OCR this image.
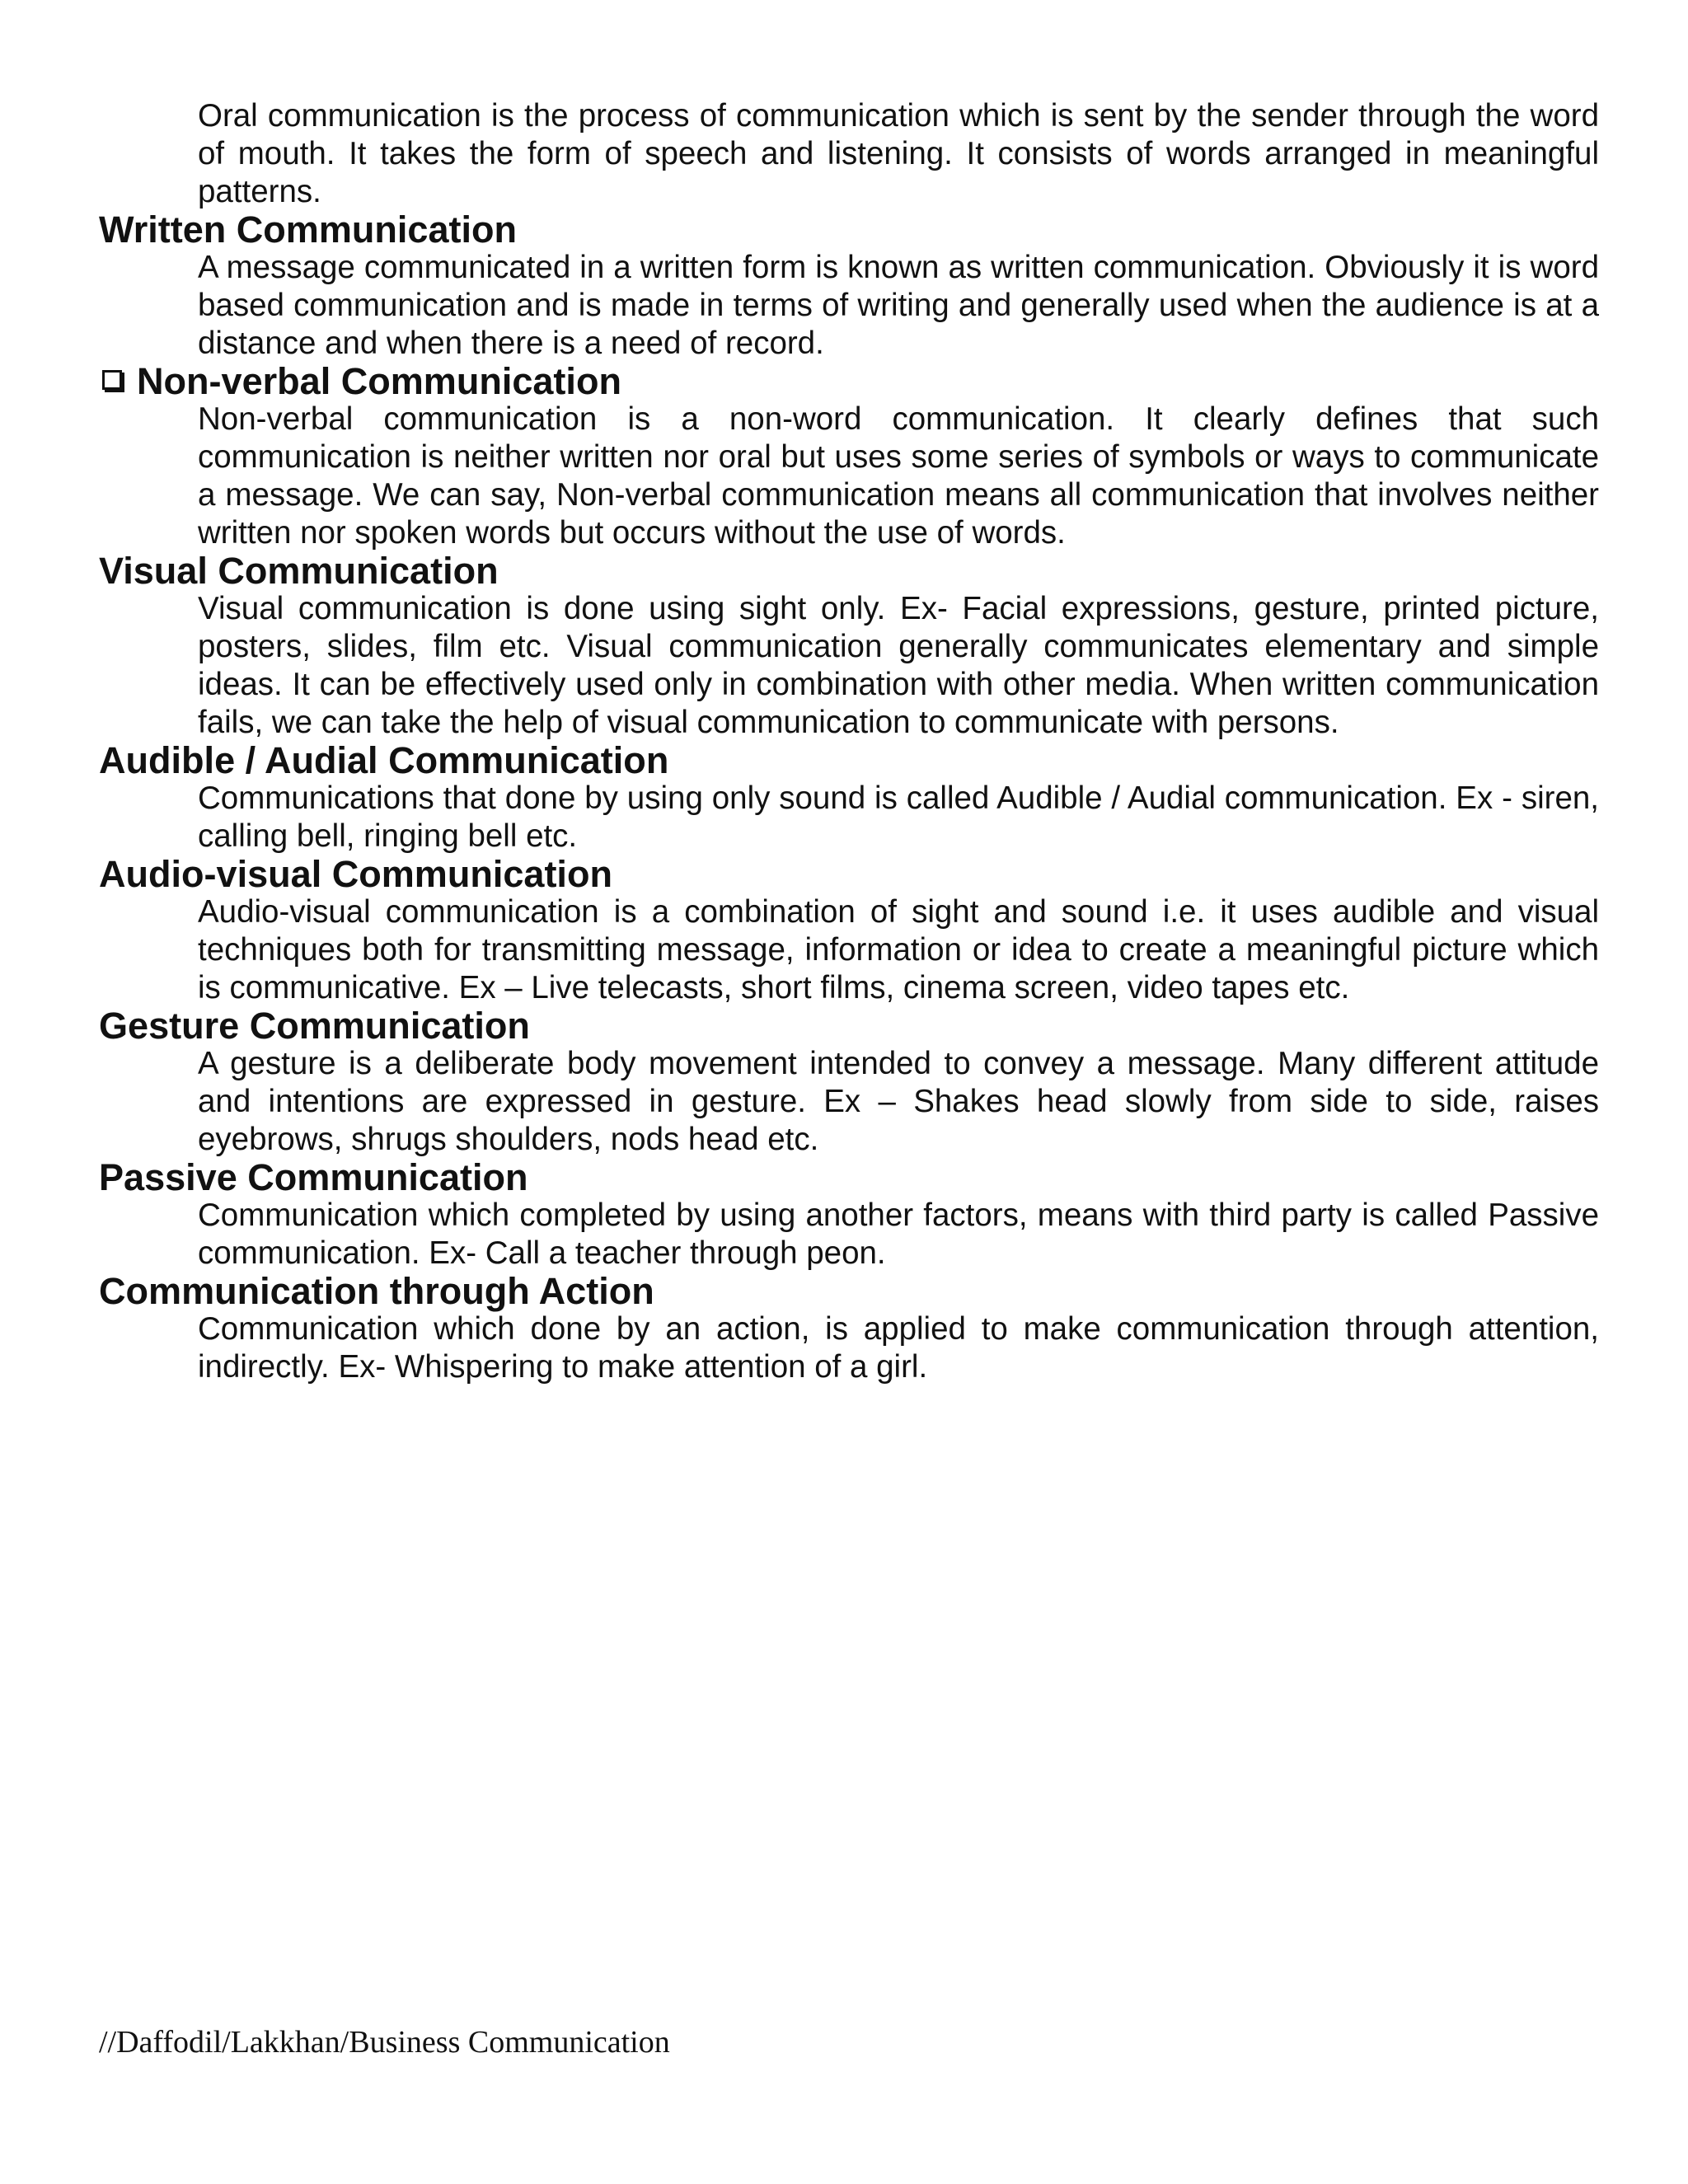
Oral communication is the process of communication which is sent by the sender through the word of mouth. It takes the form of speech and listening. It consists of words arranged in meaningful patterns.

Written Communication

A message communicated in a written form is known as written communication. Obviously it is word based communication and is made in terms of writing and generally used when the audience is at a distance and when there is a need of record.

Non-verbal Communication

Non-verbal communication is a non-word communication. It clearly defines that such communication is neither written nor oral but uses some series of symbols or ways to communicate a message. We can say, Non-verbal communication means all communication that involves neither written nor spoken words but occurs without the use of words.

Visual Communication

Visual communication is done using sight only. Ex- Facial expressions, gesture, printed picture, posters, slides, film etc. Visual communication generally communicates elementary and simple ideas. It can be effectively used only in combination with other media. When written communication fails, we can take the help of visual communication to communicate with persons.

Audible / Audial Communication

Communications that done by using only sound is called Audible / Audial communication. Ex - siren, calling bell, ringing bell etc.

Audio-visual Communication

Audio-visual communication is a combination of sight and sound i.e. it uses audible and visual techniques both for transmitting message, information or idea to create a meaningful picture which is communicative. Ex – Live telecasts, short films, cinema screen, video tapes etc.

Gesture Communication

A gesture is a deliberate body movement intended to convey a message. Many different attitude and intentions are expressed in gesture. Ex – Shakes head slowly from side to side, raises eyebrows, shrugs shoulders, nods head etc.

Passive Communication

Communication which completed by using another factors, means with third party is called Passive communication. Ex- Call a teacher through peon.

Communication through Action

Communication which done by an action, is applied to make communication through attention, indirectly. Ex- Whispering to make attention of a girl.

//Daffodil/Lakkhan/Business Communication
